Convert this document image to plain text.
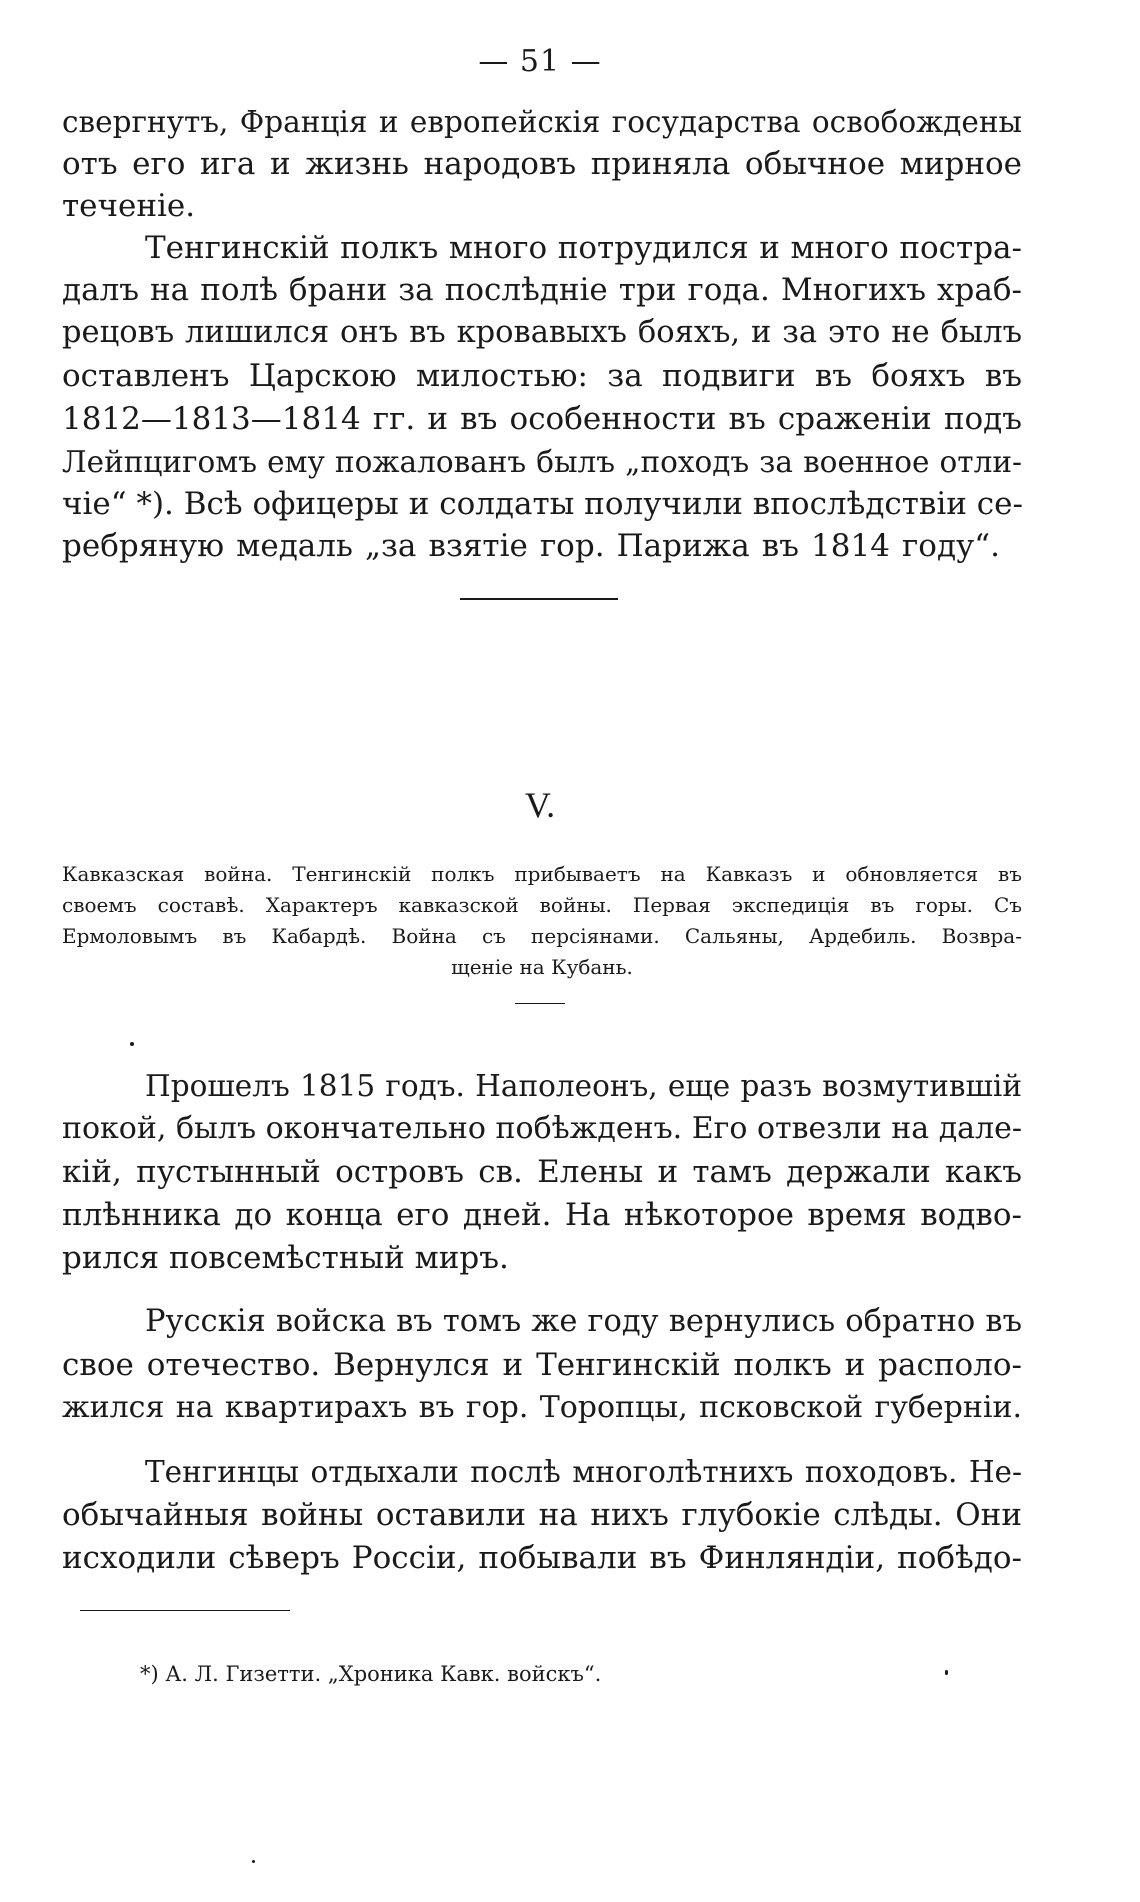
— 51 —
свергнутъ, Францiя и европейскiя государства освобождены
отъ его ига и жизнь народовъ приняла обычное мирное
теченiе.
Тенгинскiй полкъ много потрудился и много постра-
далъ на полѣ брани за послѣднiе три года. Многихъ храб-
рецовъ лишился онъ въ кровавыхъ бояхъ, и за это не былъ
оставленъ Царскою милостью: за подвиги въ бояхъ въ
1812—1813—1814 гг. и въ особенности въ сраженiи подъ
Лейпцигомъ ему пожалованъ былъ „походъ за военное отли-
чiе“ *). Всѣ офицеры и солдаты получили впослѣдствiи се-
ребряную медаль „за взятiе гор. Парижа въ 1814 году“.
V.
Кавказская война. Тенгинскiй полкъ прибываетъ на Кавказъ и обновляется въ
своемъ составѣ. Характеръ кавказской войны. Первая экспедицiя въ горы. Съ
Ермоловымъ въ Кабардѣ. Война съ персiянами. Сальяны, Ардебиль. Возвра-
щенiе на Кубань.
Прошелъ 1815 годъ. Наполеонъ, еще разъ возмутившiй
покой, былъ окончательно побѣжденъ. Его отвезли на дале-
кiй, пустынный островъ св. Елены и тамъ держали какъ
плѣнника до конца его дней. На нѣкоторое время водво-
рился повсемѣстный миръ.
Русскiя войска въ томъ же году вернулись обратно въ
свое отечество. Вернулся и Тенгинскiй полкъ и располо-
жился на квартирахъ въ гор. Торопцы, псковской губернiи.
Тенгинцы отдыхали послѣ многолѣтнихъ походовъ. Не-
обычайныя войны оставили на нихъ глубокiе слѣды. Они
исходили сѣверъ Россiи, побывали въ Финляндiи, побѣдо-
*) А. Л. Гизетти. „Хроника Кавк. войскъ“.
